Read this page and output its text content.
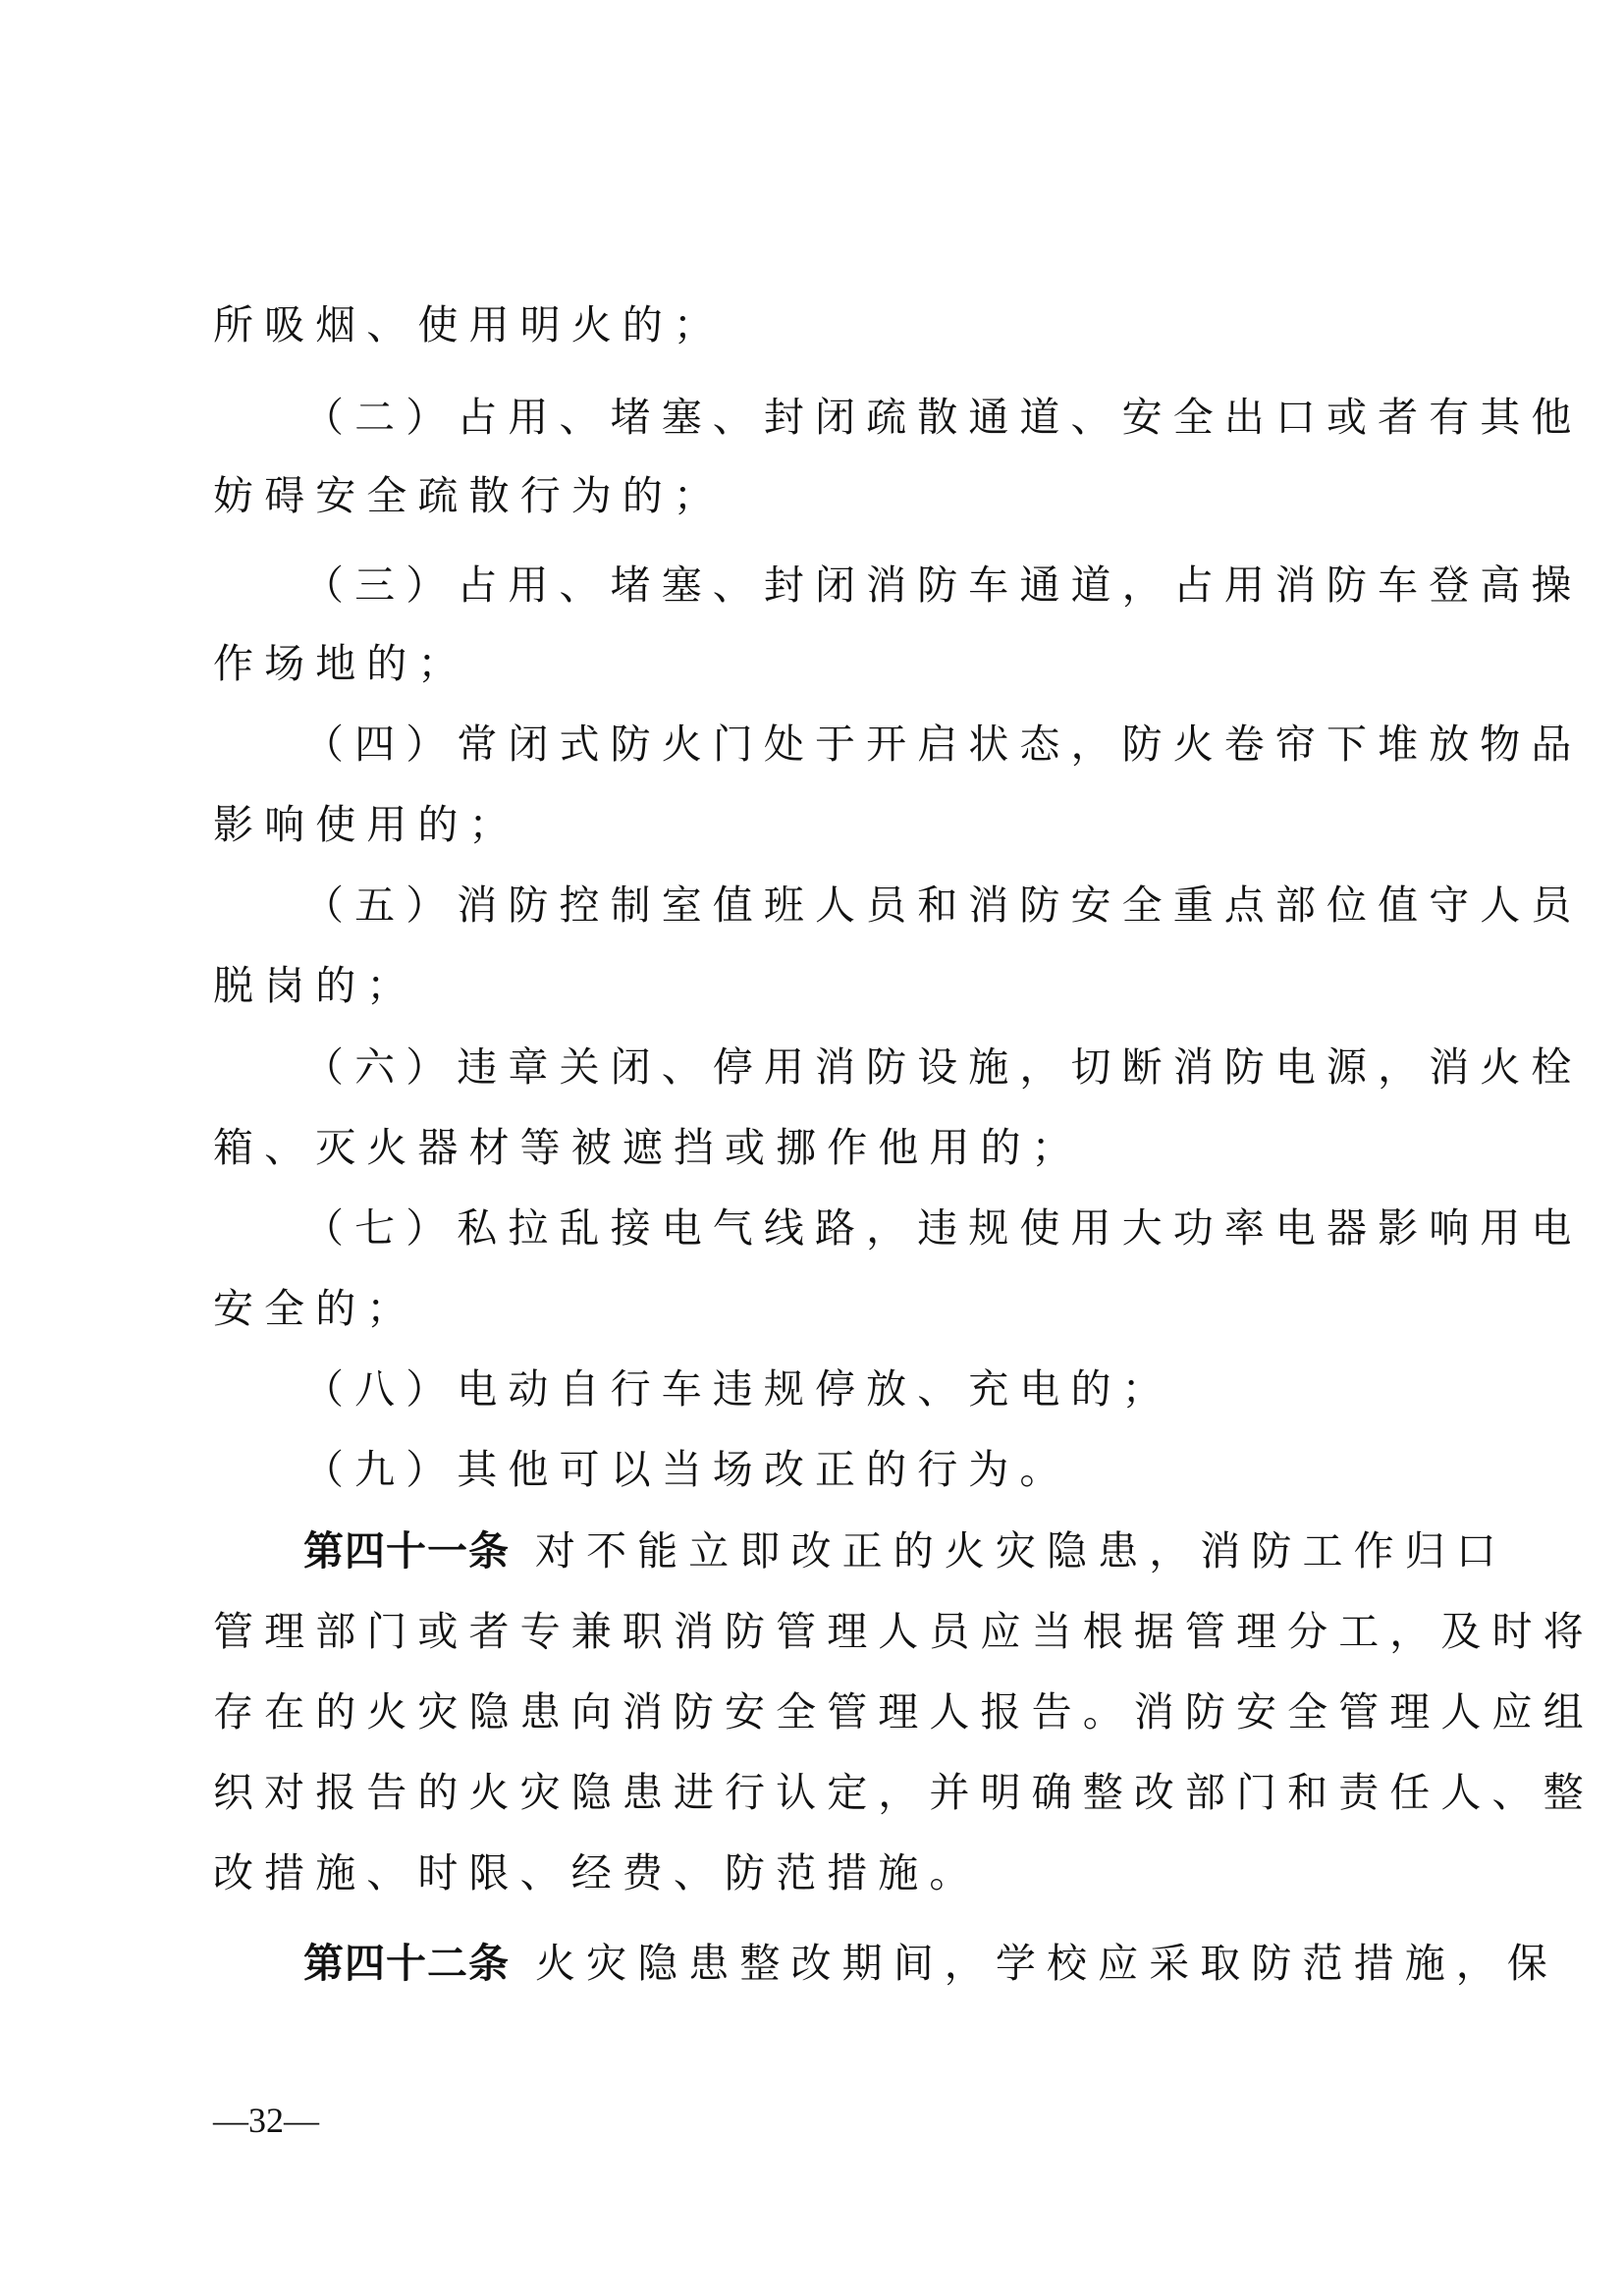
所吸烟、使用明火的；
（二）占用、堵塞、封闭疏散通道、安全出口或者有其他
妨碍安全疏散行为的；
（三）占用、堵塞、封闭消防车通道，占用消防车登高操
作场地的；
（四）常闭式防火门处于开启状态，防火卷帘下堆放物品
影响使用的；
（五）消防控制室值班人员和消防安全重点部位值守人员
脱岗的；
（六）违章关闭、停用消防设施，切断消防电源，消火栓
箱、灭火器材等被遮挡或挪作他用的；
（七）私拉乱接电气线路，违规使用大功率电器影响用电
安全的；
（八）电动自行车违规停放、充电的；
（九）其他可以当场改正的行为。
第四十一条 对不能立即改正的火灾隐患，消防工作归口
管理部门或者专兼职消防管理人员应当根据管理分工，及时将
存在的火灾隐患向消防安全管理人报告。消防安全管理人应组
织对报告的火灾隐患进行认定，并明确整改部门和责任人、整
改措施、时限、经费、防范措施。
第四十二条 火灾隐患整改期间，学校应采取防范措施，保
—32—
